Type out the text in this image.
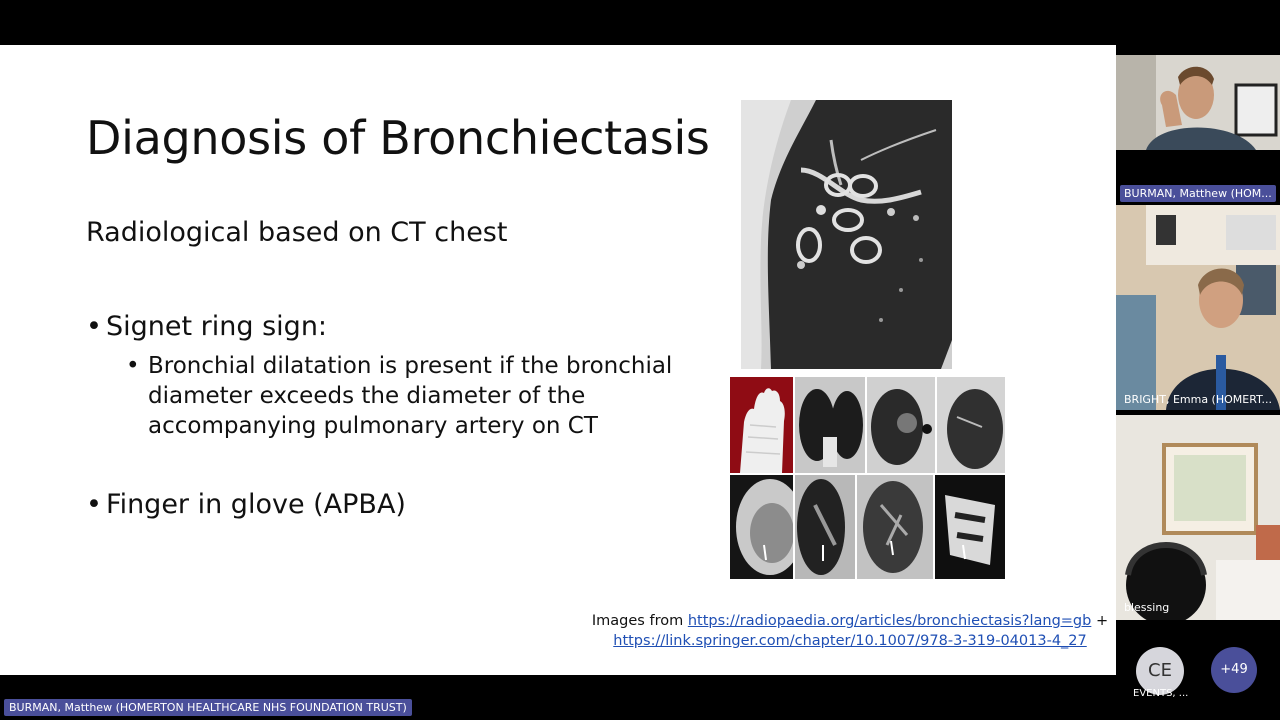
Diagnosis of Bronchiectasis
Radiological based on CT chest
• Signet ring sign:
• Bronchial dilatation is present if the bronchial diameter exceeds the diameter of the accompanying pulmonary artery on CT
• Finger in glove (APBA)
Images from https://radiopaedia.org/articles/bronchiectasis?lang=gb +
https://link.springer.com/chapter/10.1007/978-3-319-04013-4_27
BURMAN, Matthew (HOMERTON HEALTHCARE NHS FOUNDATION TRUST)
BURMAN, Matthew (HOM...
BRIGHT, Emma (HOMERT...
blessing
CE
EVENTS, ...
+49
